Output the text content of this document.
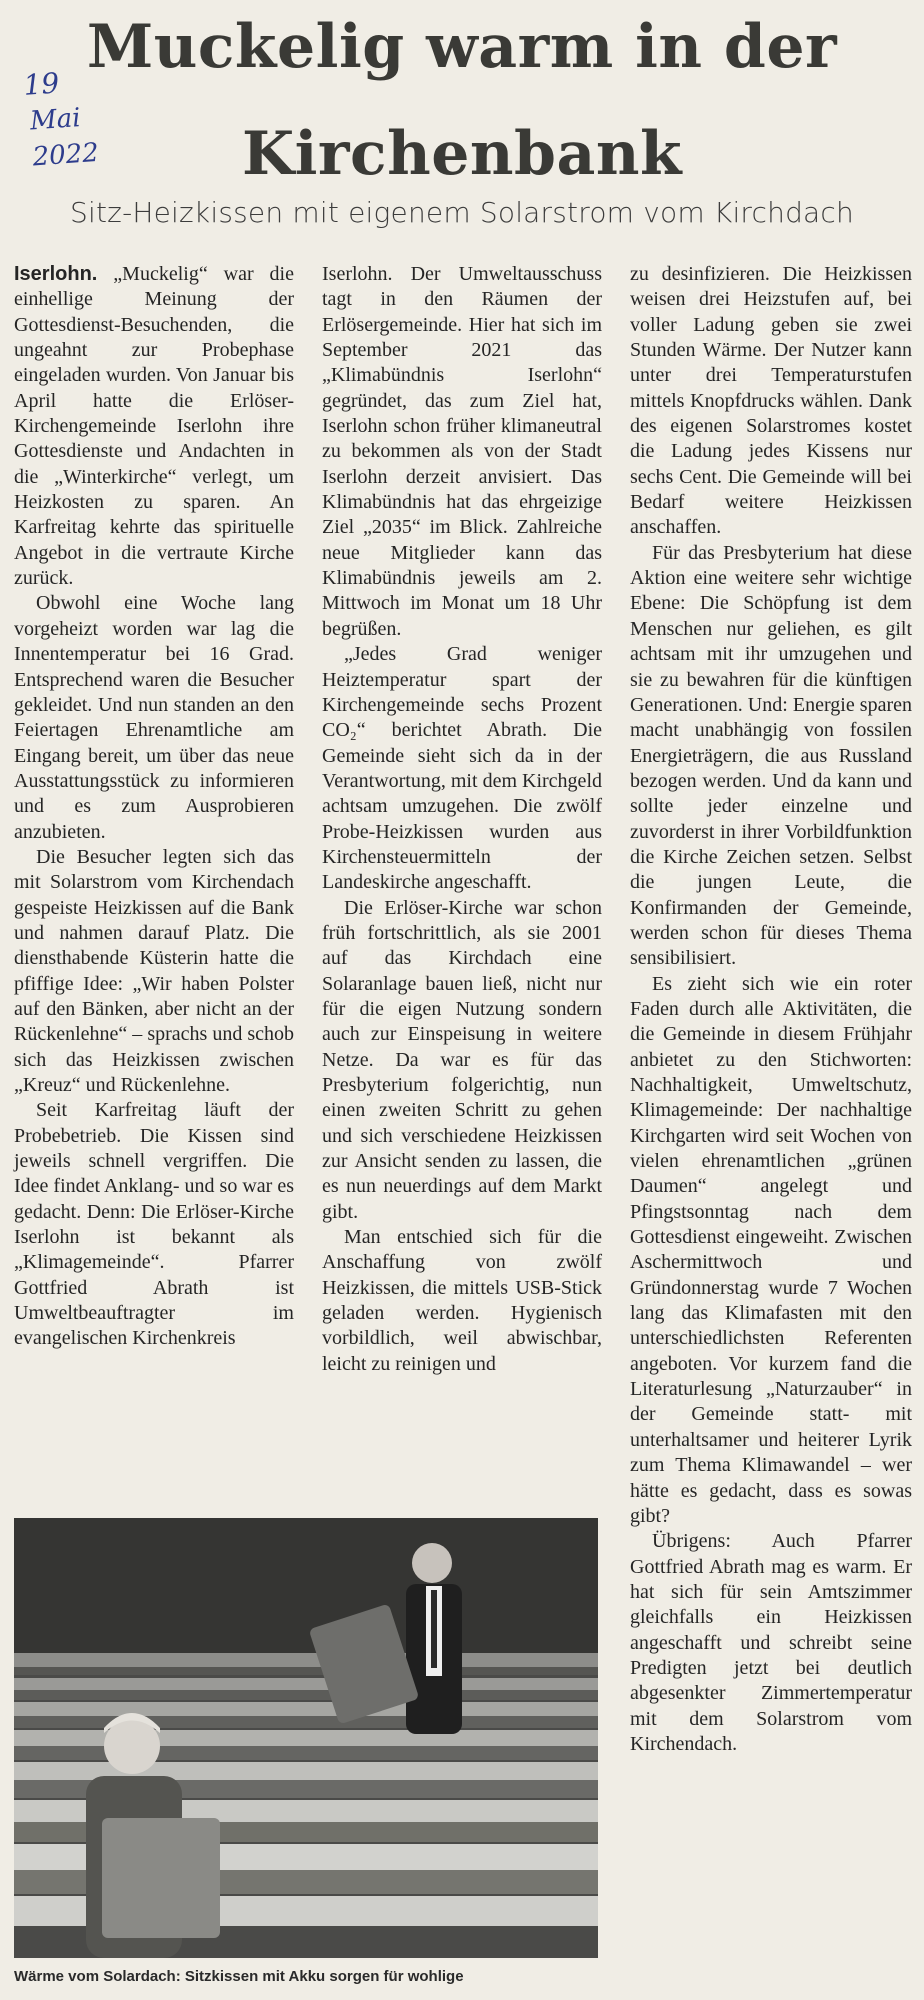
Muckelig warm in der
Kirchenbank
19
Mai 2022
Sitz-Heizkissen mit eigenem Solarstrom vom Kirchdach

Iserlohn. „Muckelig“ war die einhellige Meinung der Gottesdienst-Besuchenden, die ungeahnt zur Probephase eingeladen wurden. Von Januar bis April hatte die Erlöser-Kirchengemeinde Iserlohn ihre Gottesdienste und Andachten in die „Winterkirche“ verlegt, um Heizkosten zu sparen. An Karfreitag kehrte das spirituelle Angebot in die vertraute Kirche zurück.

Obwohl eine Woche lang vorgeheizt worden war lag die Innentemperatur bei 16 Grad. Entsprechend waren die Besucher gekleidet. Und nun standen an den Feiertagen Ehrenamtliche am Eingang bereit, um über das neue Ausstattungsstück zu informieren und es zum Ausprobieren anzubieten.

Die Besucher legten sich das mit Solarstrom vom Kirchendach gespeiste Heizkissen auf die Bank und nahmen darauf Platz. Die diensthabende Küsterin hatte die pfiffige Idee: „Wir haben Polster auf den Bänken, aber nicht an der Rückenlehne“ – sprachs und schob sich das Heizkissen zwischen „Kreuz“ und Rückenlehne.

Seit Karfreitag läuft der Probebetrieb. Die Kissen sind jeweils schnell vergriffen. Die Idee findet Anklang- und so war es gedacht. Denn: Die Erlöser-Kirche Iserlohn ist bekannt als „Klimagemeinde“. Pfarrer Gottfried Abrath ist Umweltbeauftragter im evangelischen Kirchenkreis

Iserlohn. Der Umweltausschuss tagt in den Räumen der Erlösergemeinde. Hier hat sich im September 2021 das „Klimabündnis Iserlohn“ gegründet, das zum Ziel hat, Iserlohn schon früher klimaneutral zu bekommen als von der Stadt Iserlohn derzeit anvisiert. Das Klimabündnis hat das ehrgeizige Ziel „2035“ im Blick. Zahlreiche neue Mitglieder kann das Klimabündnis jeweils am 2. Mittwoch im Monat um 18 Uhr begrüßen.

„Jedes Grad weniger Heiztemperatur spart der Kirchengemeinde sechs Prozent CO₂“ berichtet Abrath. Die Gemeinde sieht sich da in der Verantwortung, mit dem Kirchgeld achtsam umzugehen. Die zwölf Probe-Heizkissen wurden aus Kirchensteuermitteln der Landeskirche angeschafft.

Die Erlöser-Kirche war schon früh fortschrittlich, als sie 2001 auf das Kirchdach eine Solaranlage bauen ließ, nicht nur für die eigen Nutzung sondern auch zur Einspeisung in weitere Netze. Da war es für das Presbyterium folgerichtig, nun einen zweiten Schritt zu gehen und sich verschiedene Heizkissen zur Ansicht senden zu lassen, die es nun neuerdings auf dem Markt gibt.

Man entschied sich für die Anschaffung von zwölf Heizkissen, die mittels USB-Stick geladen werden. Hygienisch vorbildlich, weil abwischbar, leicht zu reinigen und

zu desinfizieren. Die Heizkissen weisen drei Heizstufen auf, bei voller Ladung geben sie zwei Stunden Wärme. Der Nutzer kann unter drei Temperaturstufen mittels Knopfdrucks wählen. Dank des eigenen Solarstromes kostet die Ladung jedes Kissens nur sechs Cent. Die Gemeinde will bei Bedarf weitere Heizkissen anschaffen.

Für das Presbyterium hat diese Aktion eine weitere sehr wichtige Ebene: Die Schöpfung ist dem Menschen nur geliehen, es gilt achtsam mit ihr umzugehen und sie zu bewahren für die künftigen Generationen. Und: Energie sparen macht unabhängig von fossilen Energieträgern, die aus Russland bezogen werden. Und da kann und sollte jeder einzelne und zuvorderst in ihrer Vorbildfunktion die Kirche Zeichen setzen. Selbst die jungen Leute, die Konfirmanden der Gemeinde, werden schon für dieses Thema sensibilisiert.

Es zieht sich wie ein roter Faden durch alle Aktivitäten, die die Gemeinde in diesem Frühjahr anbietet zu den Stichworten: Nachhaltigkeit, Umweltschutz, Klimagemeinde: Der nachhaltige Kirchgarten wird seit Wochen von vielen ehrenamtlichen „grünen Daumen“ angelegt und Pfingstsonntag nach dem Gottesdienst eingeweiht. Zwischen Aschermittwoch und Gründonnerstag wurde 7 Wochen lang das Klimafasten mit den unterschiedlichsten Referenten angeboten. Vor kurzem fand die Literaturlesung „Naturzauber“ in der Gemeinde statt- mit unterhaltsamer und heiterer Lyrik zum Thema Klimawandel – wer hätte es gedacht, dass es sowas gibt?

Übrigens: Auch Pfarrer Gottfried Abrath mag es warm. Er hat sich für sein Amtszimmer gleichfalls ein Heizkissen angeschafft und schreibt seine Predigten jetzt bei deutlich abgesenkter Zimmertemperatur mit dem Solarstrom vom Kirchendach.

Wärme vom Solardach: Sitzkissen mit Akku sorgen für wohlige
